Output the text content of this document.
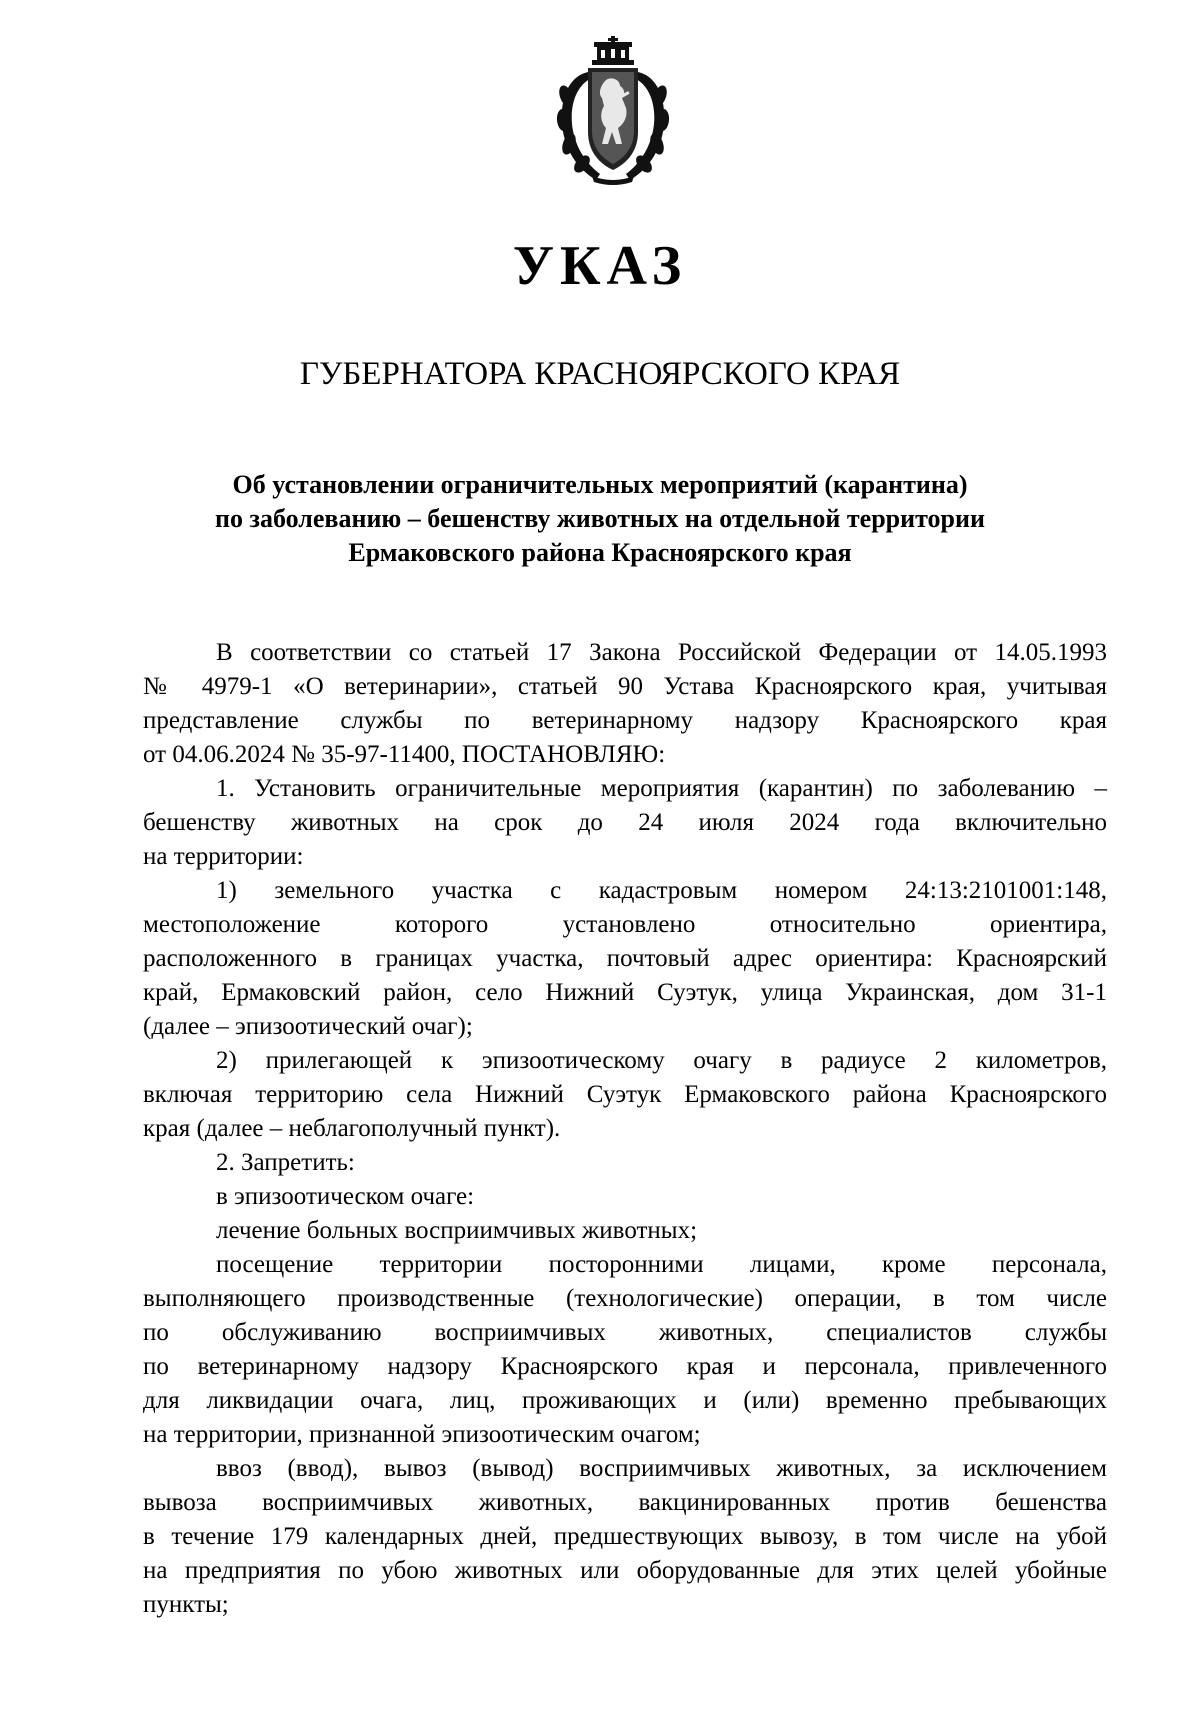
УКАЗ
ГУБЕРНАТОРА КРАСНОЯРСКОГО КРАЯ
Об установлении ограничительных мероприятий (карантина)
по заболеванию – бешенству животных на отдельной территории
Ермаковского района Красноярского края
В соответствии со статьей 17 Закона Российской Федерации от 14.05.1993
№ 4979-1 «О ветеринарии», статьей 90 Устава Красноярского края, учитывая
представление службы по ветеринарному надзору Красноярского края
от 04.06.2024 № 35-97-11400, ПОСТАНОВЛЯЮ:
1. Установить ограничительные мероприятия (карантин) по заболеванию –
бешенству животных на срок до 24 июля 2024 года включительно
на территории:
1) земельного участка с кадастровым номером 24:13:2101001:148,
местоположение которого установлено относительно ориентира,
расположенного в границах участка, почтовый адрес ориентира: Красноярский
край, Ермаковский район, село Нижний Суэтук, улица Украинская, дом 31-1
(далее – эпизоотический очаг);
2) прилегающей к эпизоотическому очагу в радиусе 2 километров,
включая территорию села Нижний Суэтук Ермаковского района Красноярского
края (далее – неблагополучный пункт).
2. Запретить:
в эпизоотическом очаге:
лечение больных восприимчивых животных;
посещение территории посторонними лицами, кроме персонала,
выполняющего производственные (технологические) операции, в том числе
по обслуживанию восприимчивых животных, специалистов службы
по ветеринарному надзору Красноярского края и персонала, привлеченного
для ликвидации очага, лиц, проживающих и (или) временно пребывающих
на территории, признанной эпизоотическим очагом;
ввоз (ввод), вывоз (вывод) восприимчивых животных, за исключением
вывоза восприимчивых животных, вакцинированных против бешенства
в течение 179 календарных дней, предшествующих вывозу, в том числе на убой
на предприятия по убою животных или оборудованные для этих целей убойные
пункты;
